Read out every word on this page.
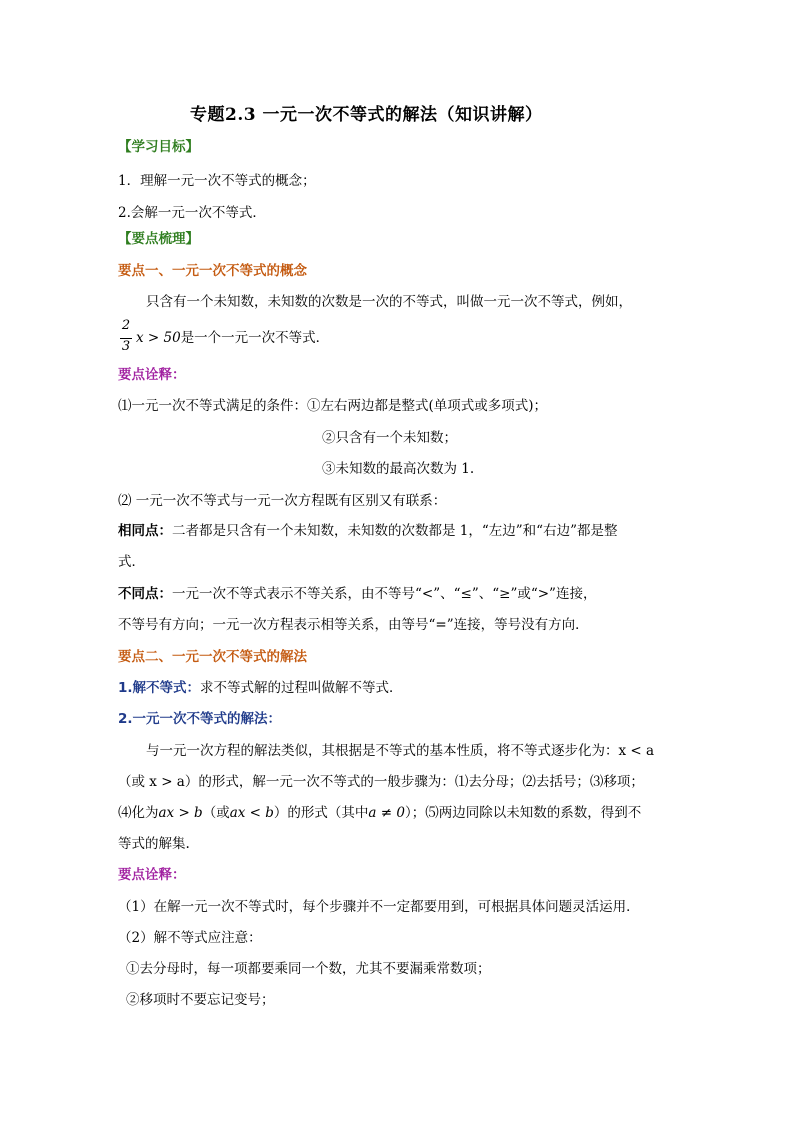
专题2.3 一元一次不等式的解法（知识讲解）
【学习目标】
1．理解一元一次不等式的概念；
2.会解一元一次不等式．
【要点梳理】
要点一、一元一次不等式的概念
只含有一个未知数，未知数的次数是一次的不等式，叫做一元一次不等式，例如，
2
3
x > 50是一个一元一次不等式．
要点诠释：
⑴一元一次不等式满足的条件：①左右两边都是整式(单项式或多项式)；
②只含有一个未知数；
③未知数的最高次数为 1.
⑵ 一元一次不等式与一元一次方程既有区别又有联系：
相同点：二者都是只含有一个未知数，未知数的次数都是 1，“左边”和“右边”都是整
式．
不同点：一元一次不等式表示不等关系，由不等号“<”、“≤”、“≥”或“>”连接，
不等号有方向；一元一次方程表示相等关系，由等号“=”连接，等号没有方向．
要点二、一元一次不等式的解法
1.解不等式：求不等式解的过程叫做解不等式．
2.一元一次不等式的解法：
与一元一次方程的解法类似，其根据是不等式的基本性质，将不等式逐步化为：x < a
（或 x > a）的形式，解一元一次不等式的一般步骤为：⑴去分母；⑵去括号；⑶移项；
⑷化为ax > b（或ax < b）的形式（其中a ≠ 0）；⑸两边同除以未知数的系数，得到不
等式的解集.
要点诠释：
（1）在解一元一次不等式时，每个步骤并不一定都要用到，可根据具体问题灵活运用．
（2）解不等式应注意：
①去分母时，每一项都要乘同一个数，尤其不要漏乘常数项；
②移项时不要忘记变号；
